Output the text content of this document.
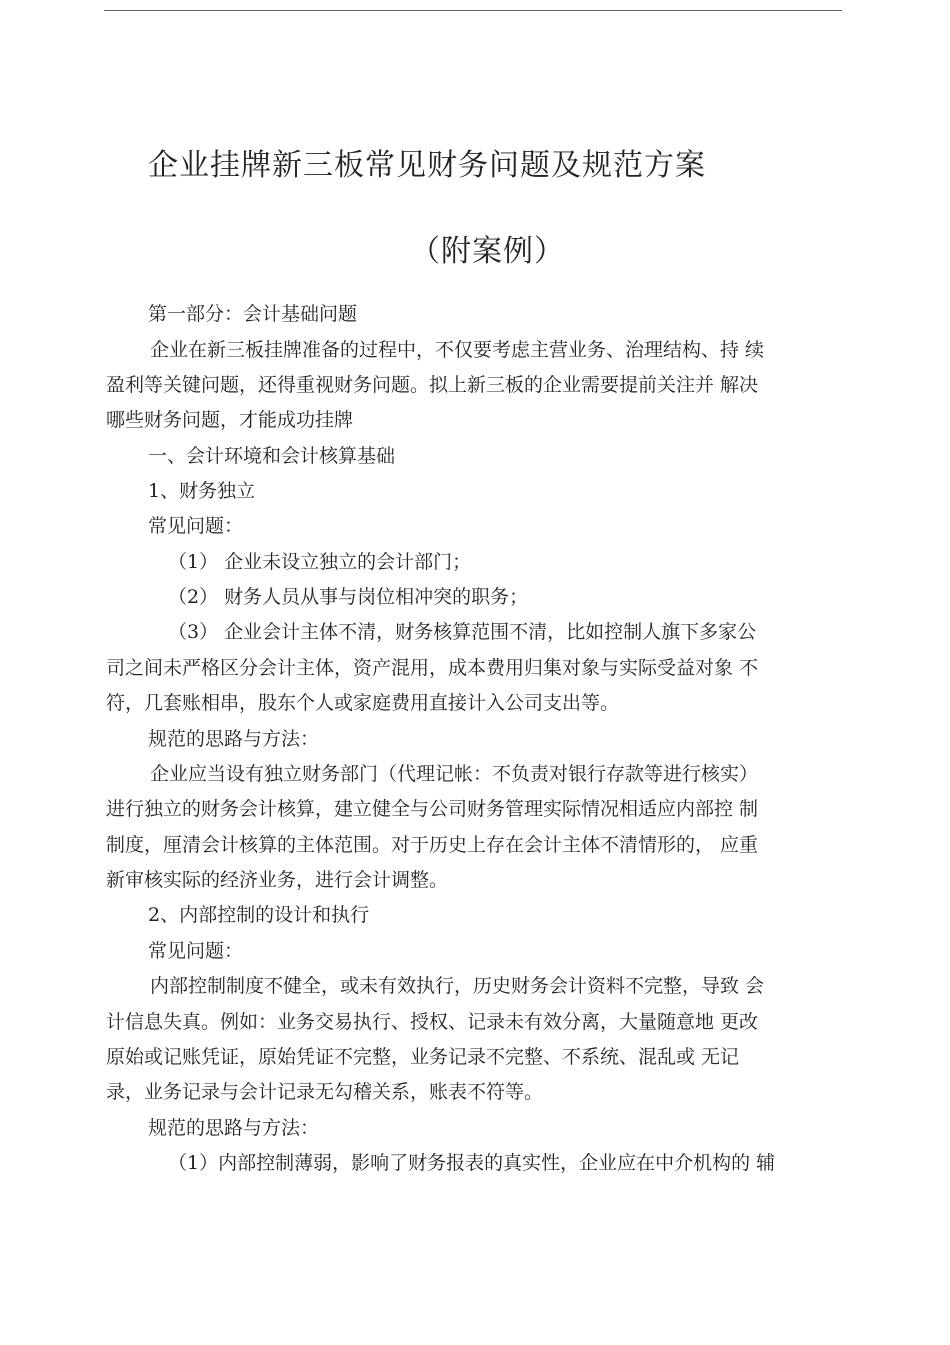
企业挂牌新三板常见财务问题及规范方案
（附案例）
第一部分：会计基础问题
企业在新三板挂牌准备的过程中，不仅要考虑主营业务、治理结构、持 续
盈利等关键问题，还得重视财务问题。拟上新三板的企业需要提前关注并 解决
哪些财务问题，才能成功挂牌
一、会计环境和会计核算基础
1、财务独立
常见问题：
（1） 企业未设立独立的会计部门；
（2） 财务人员从事与岗位相冲突的职务；
（3） 企业会计主体不清，财务核算范围不清，比如控制人旗下多家公
司之间未严格区分会计主体，资产混用，成本费用归集对象与实际受益对象 不
符，几套账相串，股东个人或家庭费用直接计入公司支出等。
规范的思路与方法：
企业应当设有独立财务部门（代理记帐：不负责对银行存款等进行核实）
进行独立的财务会计核算，建立健全与公司财务管理实际情况相适应内部控 制
制度，厘清会计核算的主体范围。对于历史上存在会计主体不清情形的， 应重
新审核实际的经济业务，进行会计调整。
2、内部控制的设计和执行
常见问题：
内部控制制度不健全，或未有效执行，历史财务会计资料不完整，导致 会
计信息失真。例如：业务交易执行、授权、记录未有效分离，大量随意地 更改
原始或记账凭证，原始凭证不完整，业务记录不完整、不系统、混乱或 无记
录，业务记录与会计记录无勾稽关系，账表不符等。
规范的思路与方法：
（1）内部控制薄弱，影响了财务报表的真实性，企业应在中介机构的 辅
